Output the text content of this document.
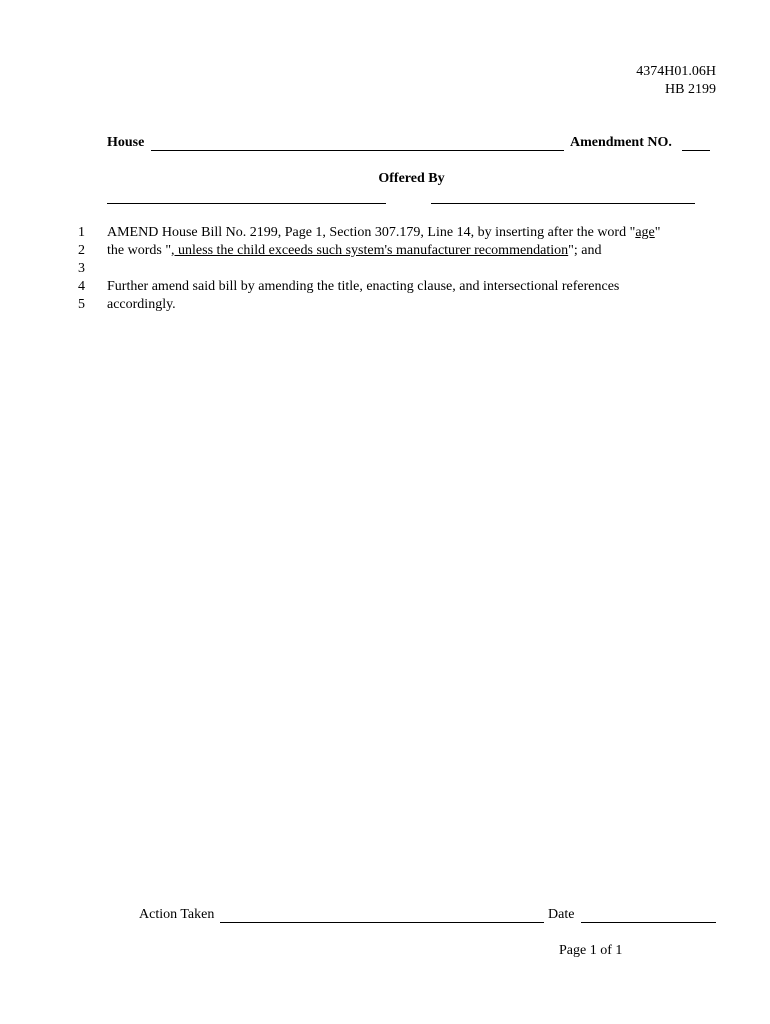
4374H01.06H
HB 2199
House	Amendment NO.
Offered By
1 AMEND House Bill No. 2199, Page 1, Section 307.179, Line 14, by inserting after the word "age"
2 the words ", unless the child exceeds such system's manufacturer recommendation"; and
3
4 Further amend said bill by amending the title, enacting clause, and intersectional references
5 accordingly.
Action Taken	Date
Page 1 of 1
